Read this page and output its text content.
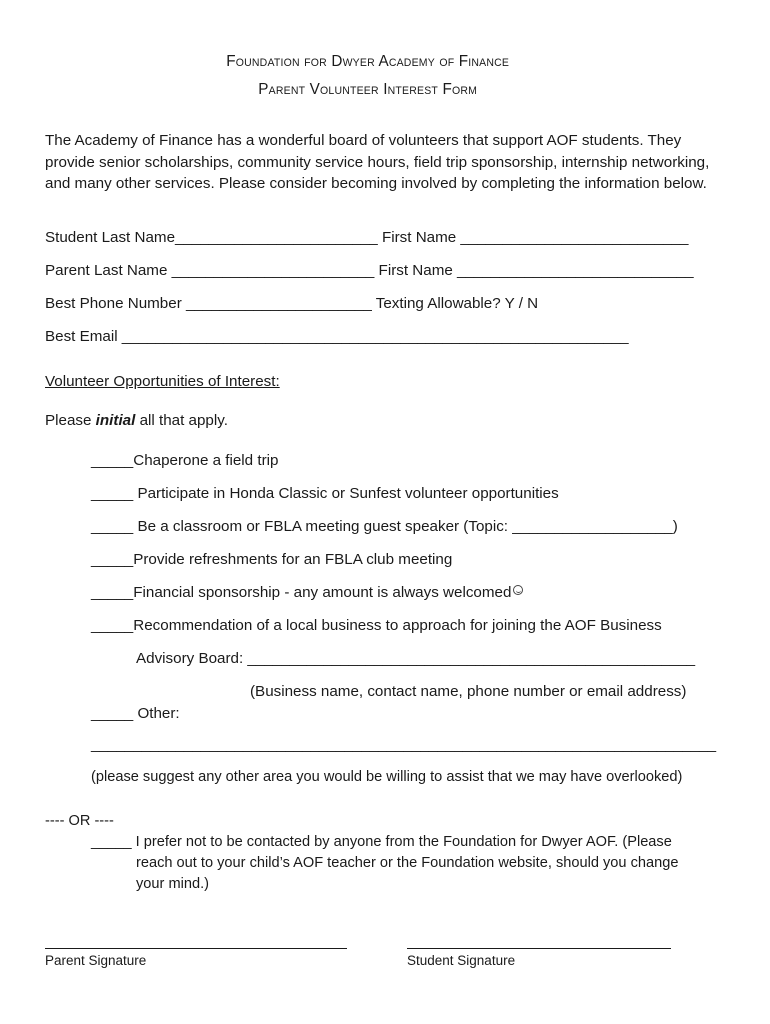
Foundation for Dwyer Academy of Finance
Parent Volunteer Interest Form
The Academy of Finance has a wonderful board of volunteers that support AOF students. They provide senior scholarships, community service hours, field trip sponsorship, internship networking, and many other services. Please consider becoming involved by completing the information below.
Student Last Name________________________ First Name ___________________________
Parent Last Name ________________________ First Name ____________________________
Best Phone Number ______________________ Texting Allowable? Y / N
Best Email ____________________________________________________________
Volunteer Opportunities of Interest:
Please initial all that apply.
_____Chaperone a field trip
_____ Participate in Honda Classic or Sunfest volunteer opportunities
_____ Be a classroom or FBLA meeting guest speaker (Topic: ___________________)
_____Provide refreshments for an FBLA club meeting
_____Financial sponsorship - any amount is always welcomed
_____Recommendation of a local business to approach for joining the AOF Business
Advisory Board: _____________________________________________________
(Business name, contact name, phone number or email address)
_____ Other:
__________________________________________________________________________
(please suggest any other area you would be willing to assist that we may have overlooked)
---- OR ----
_____ I prefer not to be contacted by anyone from the Foundation for Dwyer AOF. (Please
reach out to your child’s AOF teacher or the Foundation website, should you change
your mind.)
Parent Signature	Student Signature
